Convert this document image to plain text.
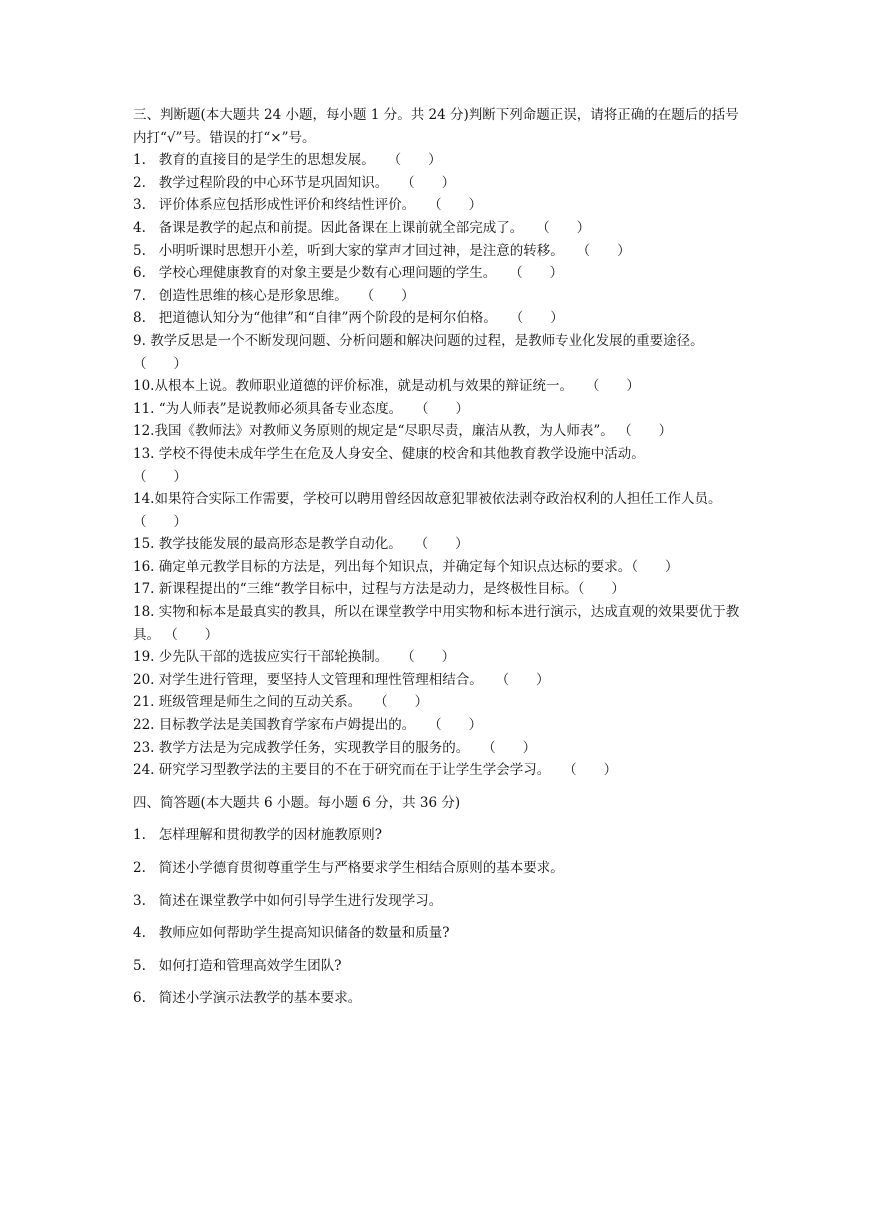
三、判断题(本大题共 24 小题，每小题 1 分。共 24 分)判断下列命题正误，请将正确的在题后的括号内打“√”号。错误的打“×”号。
1. 教育的直接目的是学生的思想发展。 （　　）
2. 教学过程阶段的中心环节是巩固知识。 （　　）
3. 评价体系应包括形成性评价和终结性评价。 （　　）
4. 备课是教学的起点和前提。因此备课在上课前就全部完成了。 （　　）
5. 小明听课时思想开小差，听到大家的掌声才回过神，是注意的转移。 （　　）
6. 学校心理健康教育的对象主要是少数有心理问题的学生。 （　　）
7. 创造性思维的核心是形象思维。 （　　）
8. 把道德认知分为“他律”和“自律”两个阶段的是柯尔伯格。 （　　）
9. 教学反思是一个不断发现问题、分析问题和解决问题的过程，是教师专业化发展的重要途径。 （　　）
10.从根本上说。教师职业道德的评价标准，就是动机与效果的辩证统一。 （　　）
11. “为人师表”是说教师必须具备专业态度。 （　　）
12.我国《教师法》对教师义务原则的规定是“尽职尽责，廉洁从教，为人师表”。 （　　）
13. 学校不得使未成年学生在危及人身安全、健康的校舍和其他教育教学设施中活动。
（　　）
14.如果符合实际工作需要，学校可以聘用曾经因故意犯罪被依法剥夺政治权利的人担任工作人员。 （　　）
15. 教学技能发展的最高形态是教学自动化。 （　　）
16. 确定单元教学目标的方法是，列出每个知识点，并确定每个知识点达标的要求。（　　）
17. 新课程提出的“三维“教学目标中，过程与方法是动力，是终极性目标。（　　）
18. 实物和标本是最真实的教具，所以在课堂教学中用实物和标本进行演示，达成直观的效果要优于教具。 （　　）
19. 少先队干部的选拔应实行干部轮换制。 （　　）
20. 对学生进行管理，要坚持人文管理和理性管理相结合。 （　　）
21. 班级管理是师生之间的互动关系。 （　　）
22. 目标教学法是美国教育学家布卢姆提出的。 （　　）
23. 教学方法是为完成教学任务，实现教学目的服务的。 （　　）
24. 研究学习型教学法的主要目的不在于研究而在于让学生学会学习。 （　　）
四、简答题(本大题共 6 小题。每小题 6 分，共 36 分)
1. 怎样理解和贯彻教学的因材施教原则?
2. 简述小学德育贯彻尊重学生与严格要求学生相结合原则的基本要求。
3. 简述在课堂教学中如何引导学生进行发现学习。
4. 教师应如何帮助学生提高知识储备的数量和质量?
5. 如何打造和管理高效学生团队?
6. 简述小学演示法教学的基本要求。
